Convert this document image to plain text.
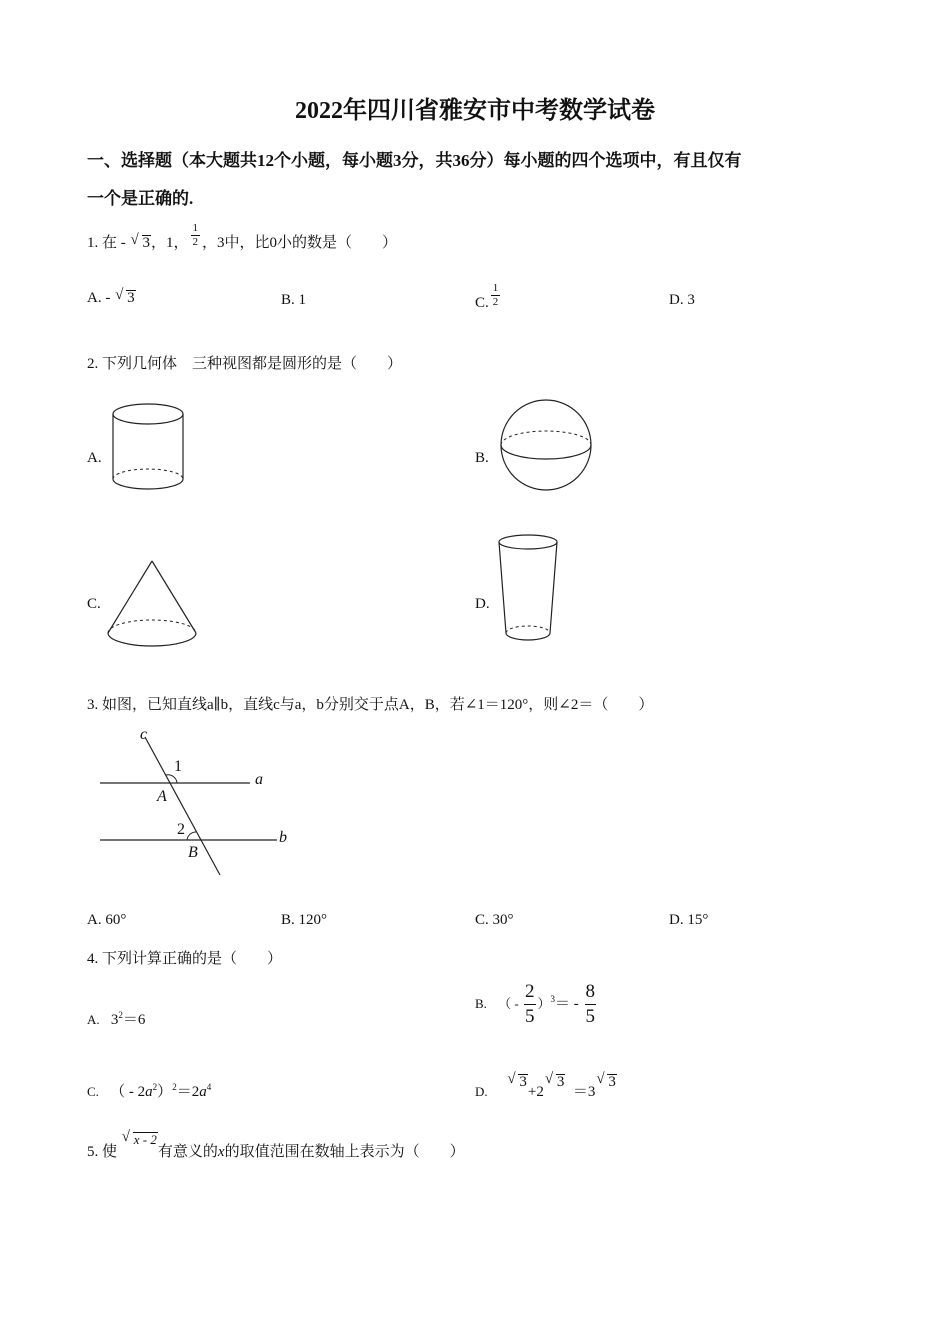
2022年四川省雅安市中考数学试卷
一、选择题（本大题共12个小题，每小题3分，共36分）每小题的四个选项中，有且仅有
一个是正确的.
1. 在 - √ 3，1， $\frac{1}{2}$ ，3中，比0小的数是（　　）
A. - √ 3	B. 1	C. $\frac{1}{2}$	D. 3
2. 下列几何体　三种视图都是圆形的是（　　）
A.	B.
C.	D.
3. 如图，已知直线a∥b，直线c与a，b分别交于点A，B，若∠1＝120°，则∠2＝（　　）
c
1
A
a
2
B
b
A. 60°	B. 120°	C. 30°	D. 15°
4. 下列计算正确的是（　　）
A. $3^2=6$
B. （ - $\frac{2}{5} )^3= - \frac{8}{5}$
C. （ - $2a^2)^2=2a^4$	D.     √ 3+2√ 3  ＝3√ 3
5. 使 √ x - 2有意义的x的取值范围在数轴上表示为（　　）
